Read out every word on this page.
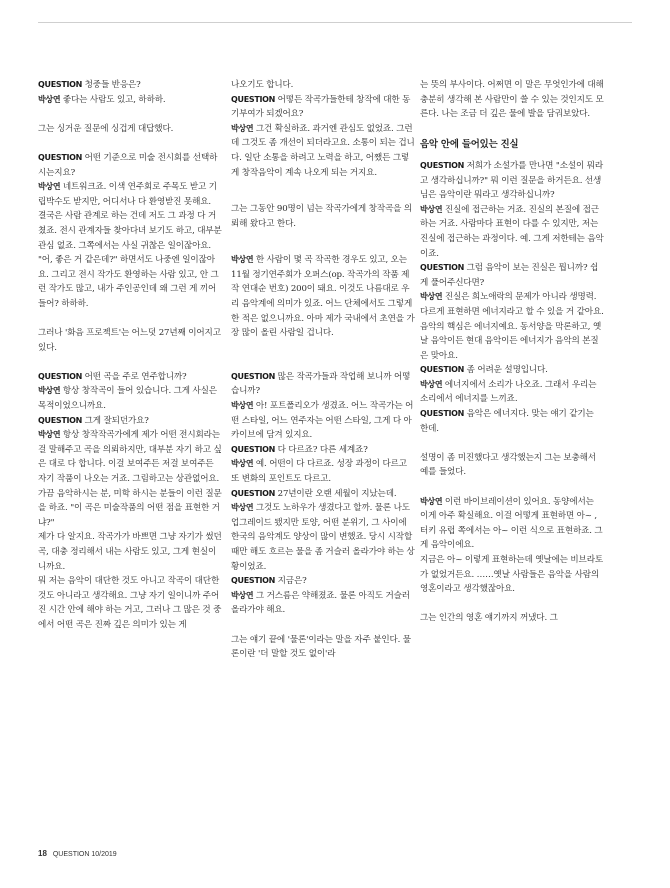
QUESTION 청중들 반응은?
박상연 좋다는 사람도 있고, 하하하.
그는 싱거운 질문에 싱겁게 대답했다.
QUESTION 어떤 기준으로 미술 전시회를 선택하시는지요?
박상연 네트워크죠. 이색 연주회로 주목도 받고 기립박수도 받지만, 어디서나 다 환영받진 못해요.
결국은 사람 관계로 하는 건데 저도 그 과정 다 거쳤죠. 전시 관계자들 찾아다녀 보기도 하고, 대부분 관심 없죠. 그쪽에서는 사실 귀찮은 일이잖아요. "어, 좋은 거 같은데?" 하면서도 나중엔 일이잖아요. 그리고 전시 작가도 환영하는 사람 있고, 안 그런 작가도 많고, 내가 주인공인데 왜 그런 게 끼어들어? 하하하.
그러나 '화음 프로젝트'는 어느덧 27년째 이어지고 있다.
QUESTION 어떤 곡을 주로 연주합니까?
박상연 항상 창작곡이 들어 있습니다. 그게 사실은 목적이었으니까요.
QUESTION 그게 잘되던가요?
박상연 항상 창작작곡가에게 제가 어떤 전시회라는 걸 말해주고 곡을 의뢰하지만, 대부분 자기 하고 싶은 대로 다 합니다. 이걸 보여주든 저걸 보여주든 자기 작품이 나오는 거죠. 그림하고는 상관없어요.
가끔 음악하시는 분, 미학 하시는 분들이 이런 질문을 하죠. "이 곡은 미술작품의 어떤 점을 표현한 거냐?"
제가 다 알지요. 작곡가가 바쁘면 그냥 자기가 썼던 곡, 대충 정리해서 내는 사람도 있고, 그게 현실이니까요.
뭐 저는 음악이 대단한 것도 아니고 작곡이 대단한 것도 아니라고 생각해요. 그냥 자기 일이니까 주어진 시간 안에 해야 하는 거고, 그러나 그 많은 것 중에서 어떤 곡은 진짜 깊은 의미가 있는 게
나오기도 합니다.
QUESTION 어떻든 작곡가들한테 창작에 대한 동기부여가 되겠어요?
박상연 그건 확실하죠. 과거엔 관심도 없었죠. 그런데 그것도 좀 개선이 되더라고요. 소통이 되는 겁니다. 일단 소통을 하려고 노력을 하고, 어쨌든 그렇게 창작음악이 계속 나오게 되는 거지요.
그는 그동안 90명이 넘는 작곡가에게 창작곡을 의뢰해 왔다고 한다.
박상연 한 사람이 몇 곡 작곡한 경우도 있고, 오는 11월 정기연주회가 오퍼스(op. 작곡가의 작품 제작 연대순 번호) 200이 돼요. 이것도 나름대로 우리 음악계에 의미가 있죠. 어느 단체에서도 그렇게 한 적은 없으니까요. 아마 제가 국내에서 초연을 가장 많이 올린 사람일 겁니다.
QUESTION 많은 작곡가들과 작업해 보니까 어떻습니까?
박상연 아! 포트폴리오가 생겼죠. 어느 작곡가는 어떤 스타일, 어느 연주자는 어떤 스타일, 그게 다 아카이브에 담겨 있지요.
QUESTION 다 다르죠? 다른 세계죠?
박상연 예. 어떤이 다 다르죠. 성장 과정이 다르고 또 변화의 포인트도 다르고.
QUESTION 27년이란 오랜 세월이 지났는데.
박상연 그것도 노하우가 생겼다고 할까. 물론 나도 업그레이드 됐지만 토양, 어떤 분위기, 그 사이에 한국의 음악계도 양상이 많이 변했죠. 당시 시작할 때만 해도 흐르는 물을 좀 거슬러 올라가야 하는 상황이었죠.
QUESTION 지금은?
박상연 그 거스름은 약해졌죠. 물론 아직도 거슬러 올라가야 해요.
그는 얘기 끝에 '물론'이라는 말을 자주 붙인다. 물론이란 '더 말할 것도 없이'라
는 뜻의 부사이다. 어쩌면 이 말은 무엇인가에 대해 충분히 생각해 본 사람만이 쓸 수 있는 것인지도 모른다. 나는 조금 더 깊은 물에 발을 담궈보았다.
음악 안에 들어있는 진실
QUESTION 저희가 소설가를 만나면 "소설이 뭐라고 생각하십니까?" 뭐 이런 질문을 하거든요. 선생님은 음악이란 뭐라고 생각하십니까?
박상연 진실에 접근하는 거죠. 진실의 본질에 접근하는 거죠. 사람마다 표현이 다를 수 있지만, 저는 진실에 접근하는 과정이다. 예. 그게 저한테는 음악이죠.
QUESTION 그럼 음악이 보는 진실은 뭡니까? 쉽게 풀어주신다면?
박상연 진실은 희노애락의 문제가 아니라 생명력. 다르게 표현하면 에너지라고 할 수 있을 거 같아요.
음악의 핵심은 에너지예요. 동서양을 막론하고, 옛날 음악이든 현대 음악이든 에너지가 음악의 본질은 맞아요.
QUESTION 좀 어려운 설명입니다.
박상연 에너지에서 소리가 나오죠. 그래서 우리는 소리에서 에너지를 느끼죠.
QUESTION 음악은 에너지다. 맞는 얘기 같기는 한데.
설명이 좀 미진했다고 생각했는지 그는 보충해서 예를 들었다.
박상연 이런 바이브레이션이 있어요. 동양에서는 이게 아주 확실해요. 이걸 어떻게 표현하면 아~ , 터키 유럽 쪽에서는 아~ 이런 식으로 표현하죠. 그게 음악이에요.
지금은 아~ 이렇게 표현하는데 옛날에는 비브라토가 없었거든요. ……옛날 사람들은 음악을 사람의 영혼이라고 생각했잖아요.
그는 인간의 영혼 얘기까지 꺼냈다. 그
18 QUESTION 10/2019
